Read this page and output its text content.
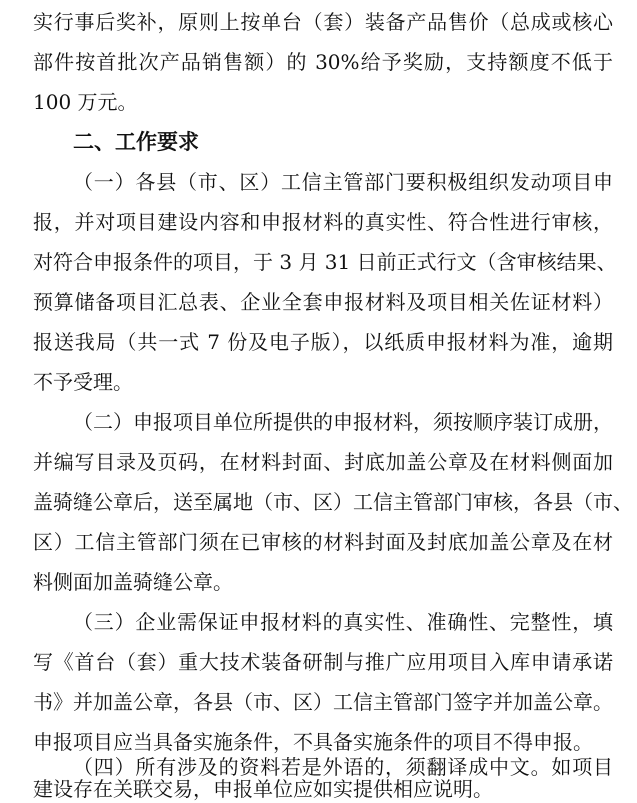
实行事后奖补，原则上按单台（套）装备产品售价（总成或核心
部件按首批次产品销售额）的 30%给予奖励，支持额度不低于
100 万元。
二、工作要求
（一）各县（市、区）工信主管部门要积极组织发动项目申
报，并对项目建设内容和申报材料的真实性、符合性进行审核，
对符合申报条件的项目，于 3 月 31 日前正式行文（含审核结果、
预算储备项目汇总表、企业全套申报材料及项目相关佐证材料）
报送我局（共一式 7 份及电子版），以纸质申报材料为准，逾期
不予受理。
（二）申报项目单位所提供的申报材料，须按顺序装订成册，
并编写目录及页码，在材料封面、封底加盖公章及在材料侧面加
盖骑缝公章后，送至属地（市、区）工信主管部门审核，各县（市、
区）工信主管部门须在已审核的材料封面及封底加盖公章及在材
料侧面加盖骑缝公章。
（三）企业需保证申报材料的真实性、准确性、完整性，填
写《首台（套）重大技术装备研制与推广应用项目入库申请承诺
书》并加盖公章，各县（市、区）工信主管部门签字并加盖公章。
申报项目应当具备实施条件，不具备实施条件的项目不得申报。
（四）所有涉及的资料若是外语的，须翻译成中文。如项目
建设存在关联交易，申报单位应如实提供相应说明。
